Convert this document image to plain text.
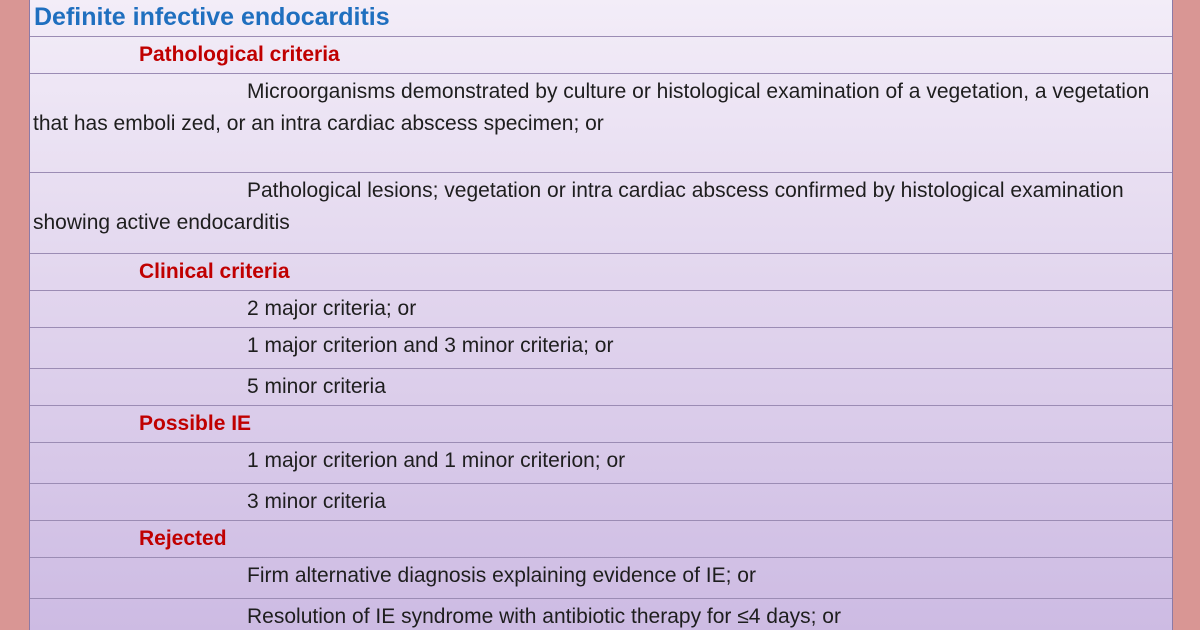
Definite infective endocarditis
Pathological criteria
Microorganisms demonstrated by culture or histological examination of a vegetation, a vegetation that has emboli zed, or an intra cardiac abscess specimen; or
Pathological lesions; vegetation or intra cardiac abscess confirmed by histological examination showing active endocarditis
Clinical criteria
2 major criteria; or
1 major criterion and 3 minor criteria; or
5 minor criteria
Possible IE
1 major criterion and 1 minor criterion; or
3 minor criteria
Rejected
Firm alternative diagnosis explaining evidence of IE; or
Resolution of IE syndrome with antibiotic therapy for ≤4 days; or
